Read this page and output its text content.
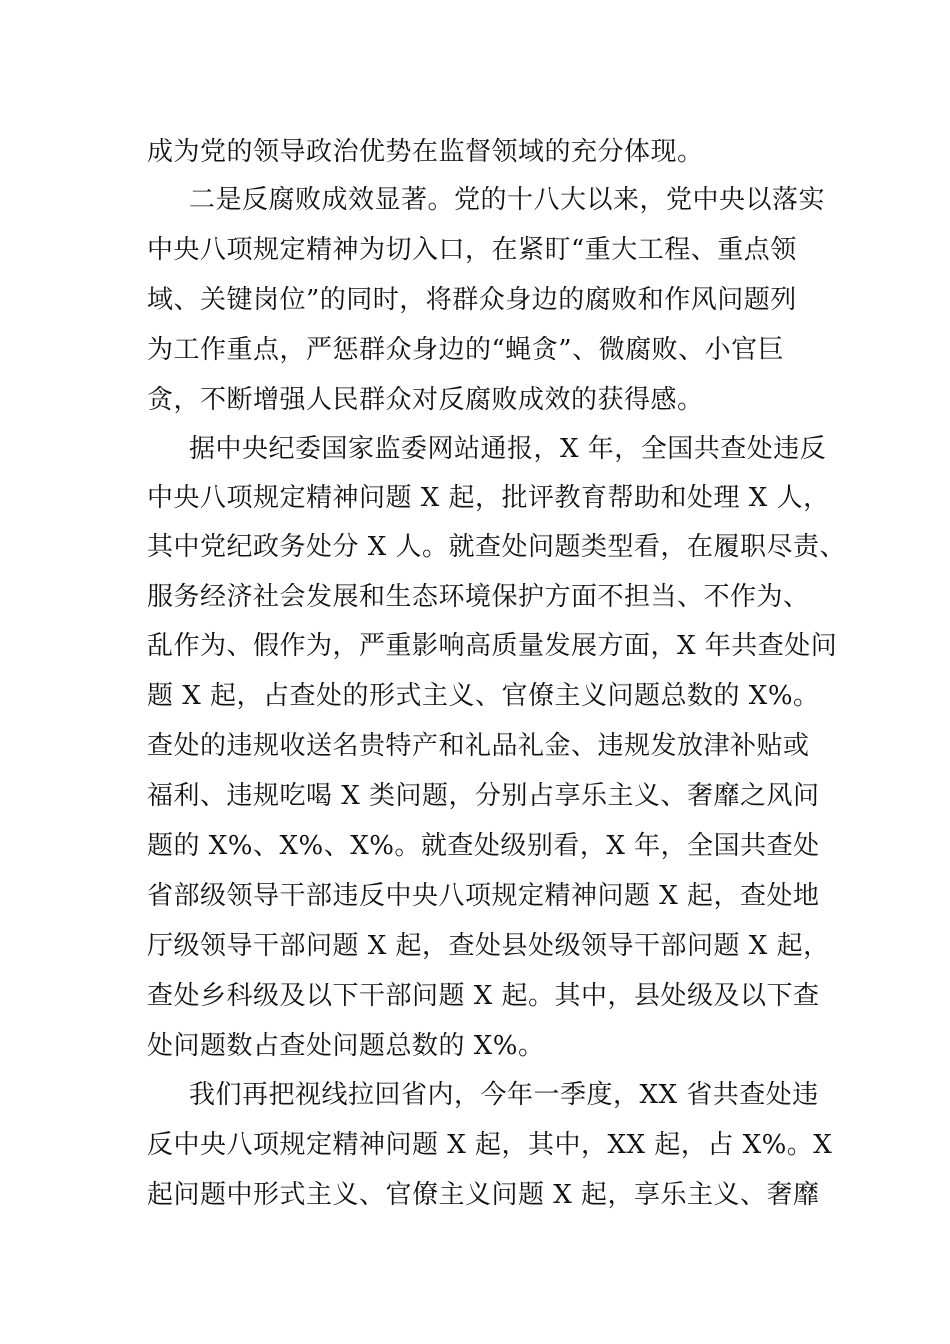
成为党的领导政治优势在监督领域的充分体现。
二是反腐败成效显著。党的十八大以来，党中央以落实
中央八项规定精神为切入口，在紧盯“重大工程、重点领
域、关键岗位”的同时，将群众身边的腐败和作风问题列
为工作重点，严惩群众身边的“蝇贪”、微腐败、小官巨
贪，不断增强人民群众对反腐败成效的获得感。
据中央纪委国家监委网站通报，X 年，全国共查处违反
中央八项规定精神问题 X 起，批评教育帮助和处理 X 人，
其中党纪政务处分 X 人。就查处问题类型看，在履职尽责、
服务经济社会发展和生态环境保护方面不担当、不作为、
乱作为、假作为，严重影响高质量发展方面，X 年共查处问
题 X 起，占查处的形式主义、官僚主义问题总数的 X%。
查处的违规收送名贵特产和礼品礼金、违规发放津补贴或
福利、违规吃喝 X 类问题，分别占享乐主义、奢靡之风问
题的 X%、X%、X%。就查处级别看，X 年，全国共查处
省部级领导干部违反中央八项规定精神问题 X 起，查处地
厅级领导干部问题 X 起，查处县处级领导干部问题 X 起，
查处乡科级及以下干部问题 X 起。其中，县处级及以下查
处问题数占查处问题总数的 X%。
我们再把视线拉回省内，今年一季度，XX 省共查处违
反中央八项规定精神问题 X 起，其中，XX 起，占 X%。X
起问题中形式主义、官僚主义问题 X 起，享乐主义、奢靡
